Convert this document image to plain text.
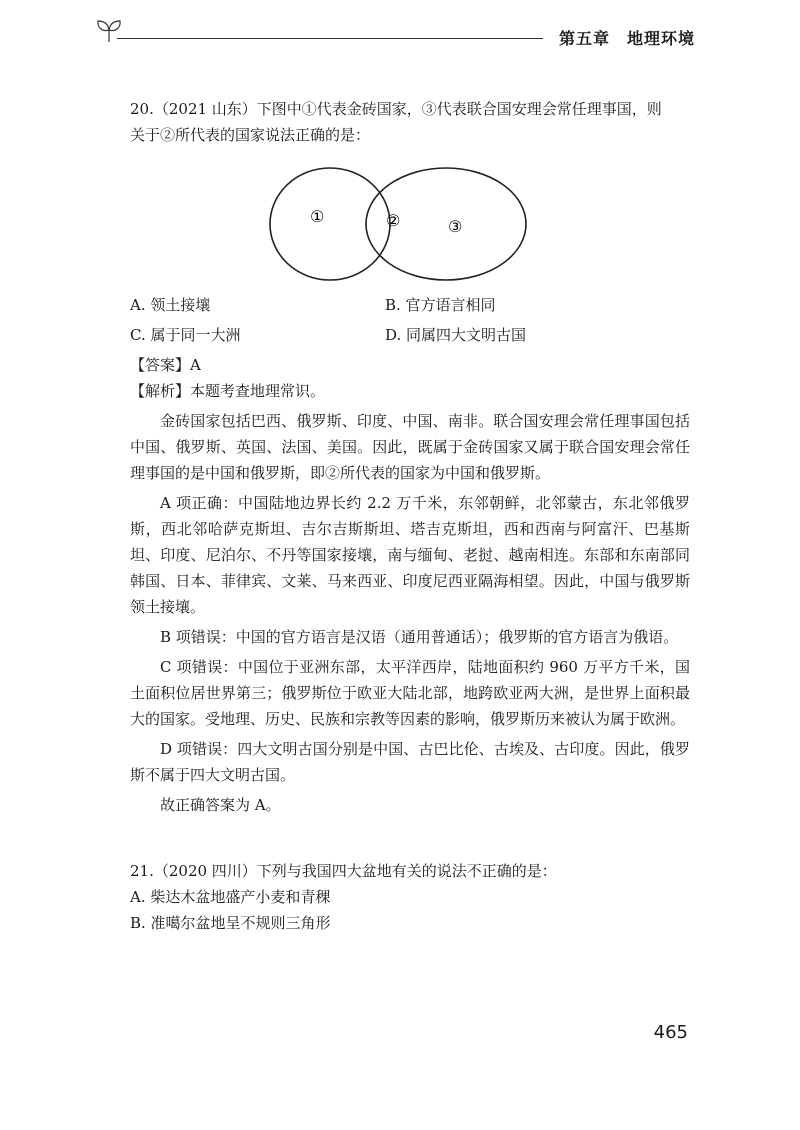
第五章　地理环境

20.（2021 山东）下图中①代表金砖国家，③代表联合国安理会常任理事国，则

关于②所代表的国家说法正确的是：

①	②	③
A. 领土接壤	B. 官方语言相同
C. 属于同一大洲	D. 同属四大文明古国
【答案】A
【解析】本题考查地理常识。

金砖国家包括巴西、俄罗斯、印度、中国、南非。联合国安理会常任理事国包括中国、俄罗斯、英国、法国、美国。因此，既属于金砖国家又属于联合国安理会常任理事国的是中国和俄罗斯，即②所代表的国家为中国和俄罗斯。

A 项正确：中国陆地边界长约 2.2 万千米，东邻朝鲜，北邻蒙古，东北邻俄罗斯，西北邻哈萨克斯坦、吉尔吉斯斯坦、塔吉克斯坦，西和西南与阿富汗、巴基斯坦、印度、尼泊尔、不丹等国家接壤，南与缅甸、老挝、越南相连。东部和东南部同韩国、日本、菲律宾、文莱、马来西亚、印度尼西亚隔海相望。因此，中国与俄罗斯领土接壤。

B 项错误：中国的官方语言是汉语（通用普通话）；俄罗斯的官方语言为俄语。

C 项错误：中国位于亚洲东部，太平洋西岸，陆地面积约 960 万平方千米，国土面积位居世界第三；俄罗斯位于欧亚大陆北部，地跨欧亚两大洲，是世界上面积最大的国家。受地理、历史、民族和宗教等因素的影响，俄罗斯历来被认为属于欧洲。

D 项错误：四大文明古国分别是中国、古巴比伦、古埃及、古印度。因此，俄罗斯不属于四大文明古国。

故正确答案为 A。

21.（2020 四川）下列与我国四大盆地有关的说法不正确的是：

A. 柴达木盆地盛产小麦和青稞

B. 准噶尔盆地呈不规则三角形

465
